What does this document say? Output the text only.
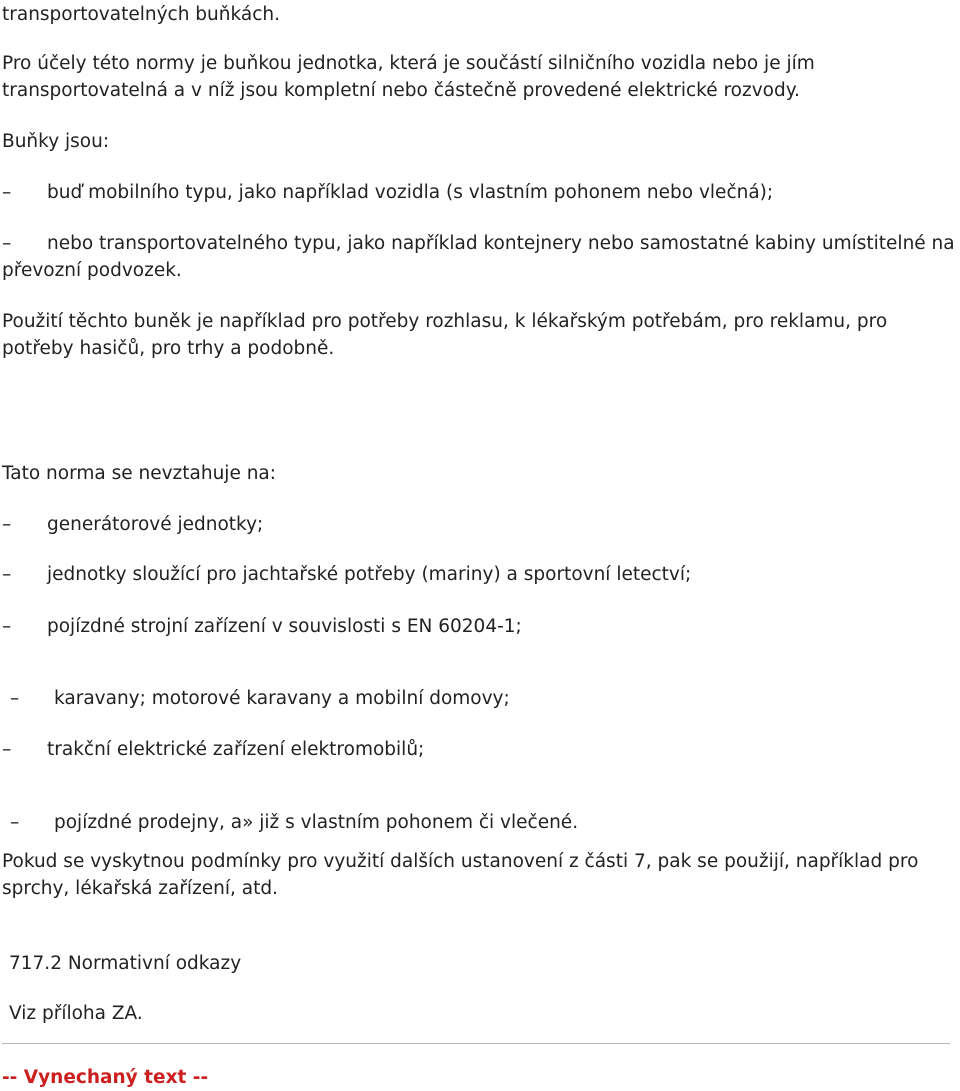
transportovatelných buňkách.
Pro účely této normy je buňkou jednotka, která je součástí silničního vozidla nebo je jím
transportovatelná a v níž jsou kompletní nebo částečně provedené elektrické rozvody.
Buňky jsou:
– buď mobilního typu, jako například vozidla (s vlastním pohonem nebo vlečná);
– nebo transportovatelného typu, jako například kontejnery nebo samostatné kabiny umístitelné na
převozní podvozek.
Použití těchto buněk je například pro potřeby rozhlasu, k lékařským potřebám, pro reklamu, pro
potřeby hasičů, pro trhy a podobně.
Tato norma se nevztahuje na:
– generátorové jednotky;
– jednotky sloužící pro jachtařské potřeby (mariny) a sportovní letectví;
– pojízdné strojní zařízení v souvislosti s EN 60204-1;
– karavany; motorové karavany a mobilní domovy;
– trakční elektrické zařízení elektromobilů;
– pojízdné prodejny, a» již s vlastním pohonem či vlečené.
Pokud se vyskytnou podmínky pro využití dalších ustanovení z části 7, pak se použijí, například pro
sprchy, lékařská zařízení, atd.
717.2 Normativní odkazy
Viz příloha ZA.
-- Vynechaný text --
